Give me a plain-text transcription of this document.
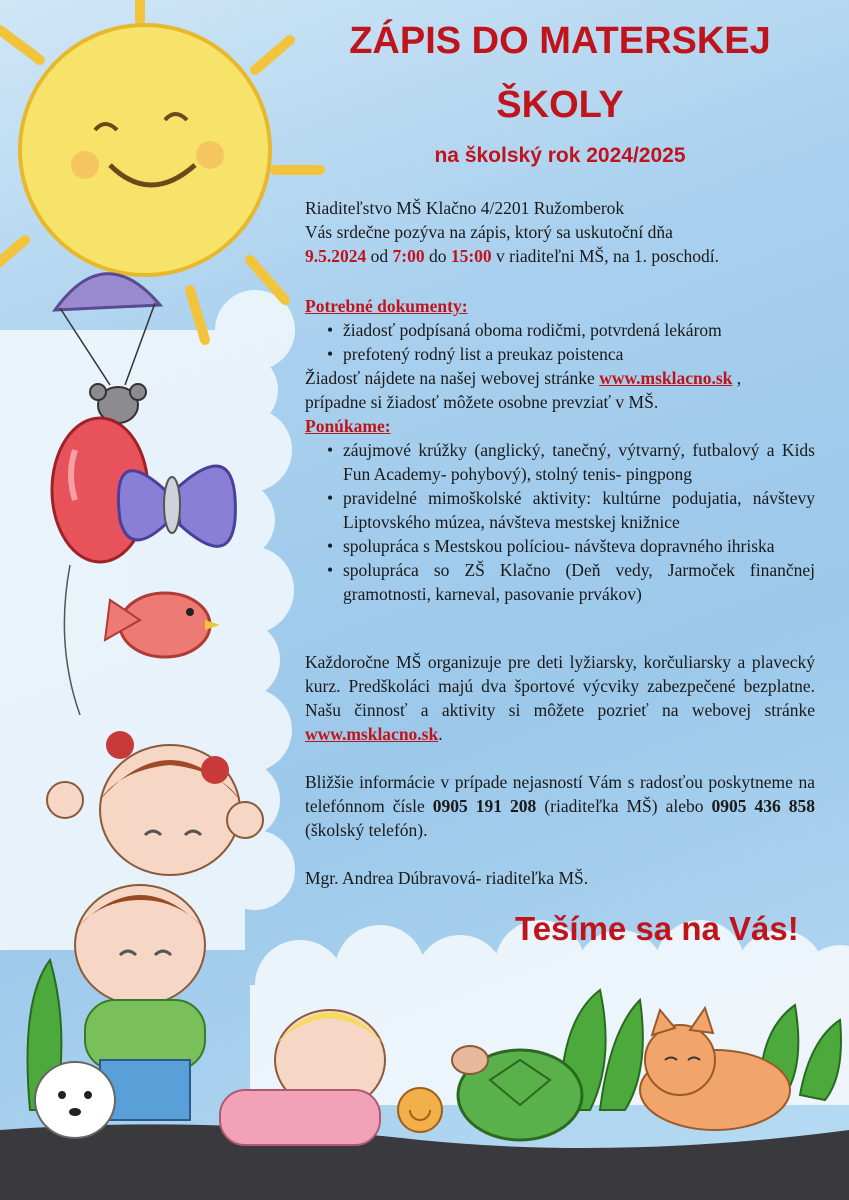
ZÁPIS DO MATERSKEJ
ŠKOLY
na školský rok 2024/2025
Riaditeľstvo MŠ Klačno 4/2201 Ružomberok
Vás srdečne pozýva na zápis, ktorý sa uskutoční dňa
9.5.2024 od 7:00 do 15:00 v riaditeľni MŠ, na 1. poschodí.
Potrebné dokumenty:
• žiadosť podpísaná oboma rodičmi, potvrdená lekárom
• prefotený rodný list a preukaz poistenca
Žiadosť nájdete na našej webovej stránke www.msklacno.sk ,
prípadne si žiadosť môžete osobne prevziať v MŠ.
Ponúkame:
• záujmové krúžky (anglický, tanečný, výtvarný, futbalový a Kids Fun Academy- pohybový), stolný tenis- pingpong
• pravidelné mimoškolské aktivity: kultúrne podujatia, návštevy Liptovského múzea, návšteva mestskej knižnice
• spolupráca s Mestskou políciou- návšteva dopravného ihriska
• spolupráca so ZŠ Klačno (Deň vedy, Jarmoček finančnej gramotnosti, karneval, pasovanie prvákov)
Každoročne MŠ organizuje pre deti lyžiarsky, korčuliarsky a plavecký kurz. Predškoláci majú dva športové výcviky zabezpečené bezplatne. Našu činnosť a aktivity si môžete pozrieť na webovej stránke www.msklacno.sk.
Bližšie informácie v prípade nejasností Vám s radosťou poskytneme na telefónnom čísle 0905 191 208 (riaditeľka MŠ) alebo 0905 436 858 (školský telefón).
Mgr. Andrea Dúbravová- riaditeľka MŠ.
Tešíme sa na Vás!
